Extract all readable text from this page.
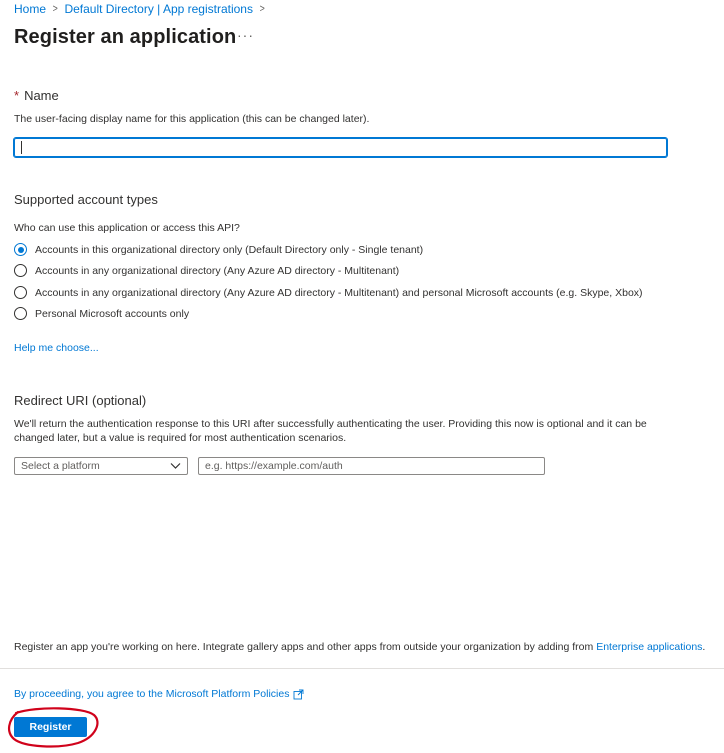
Home > Default Directory | App registrations >
Register an application ···
* Name
The user-facing display name for this application (this can be changed later).
Supported account types
Who can use this application or access this API?
Accounts in this organizational directory only (Default Directory only - Single tenant)
Accounts in any organizational directory (Any Azure AD directory - Multitenant)
Accounts in any organizational directory (Any Azure AD directory - Multitenant) and personal Microsoft accounts (e.g. Skype, Xbox)
Personal Microsoft accounts only
Help me choose...
Redirect URI (optional)
We'll return the authentication response to this URI after successfully authenticating the user. Providing this now is optional and it can be
changed later, but a value is required for most authentication scenarios.
Select a platform	e.g. https://example.com/auth
Register an app you're working on here. Integrate gallery apps and other apps from outside your organization by adding from Enterprise applications.
By proceeding, you agree to the Microsoft Platform Policies
Register
